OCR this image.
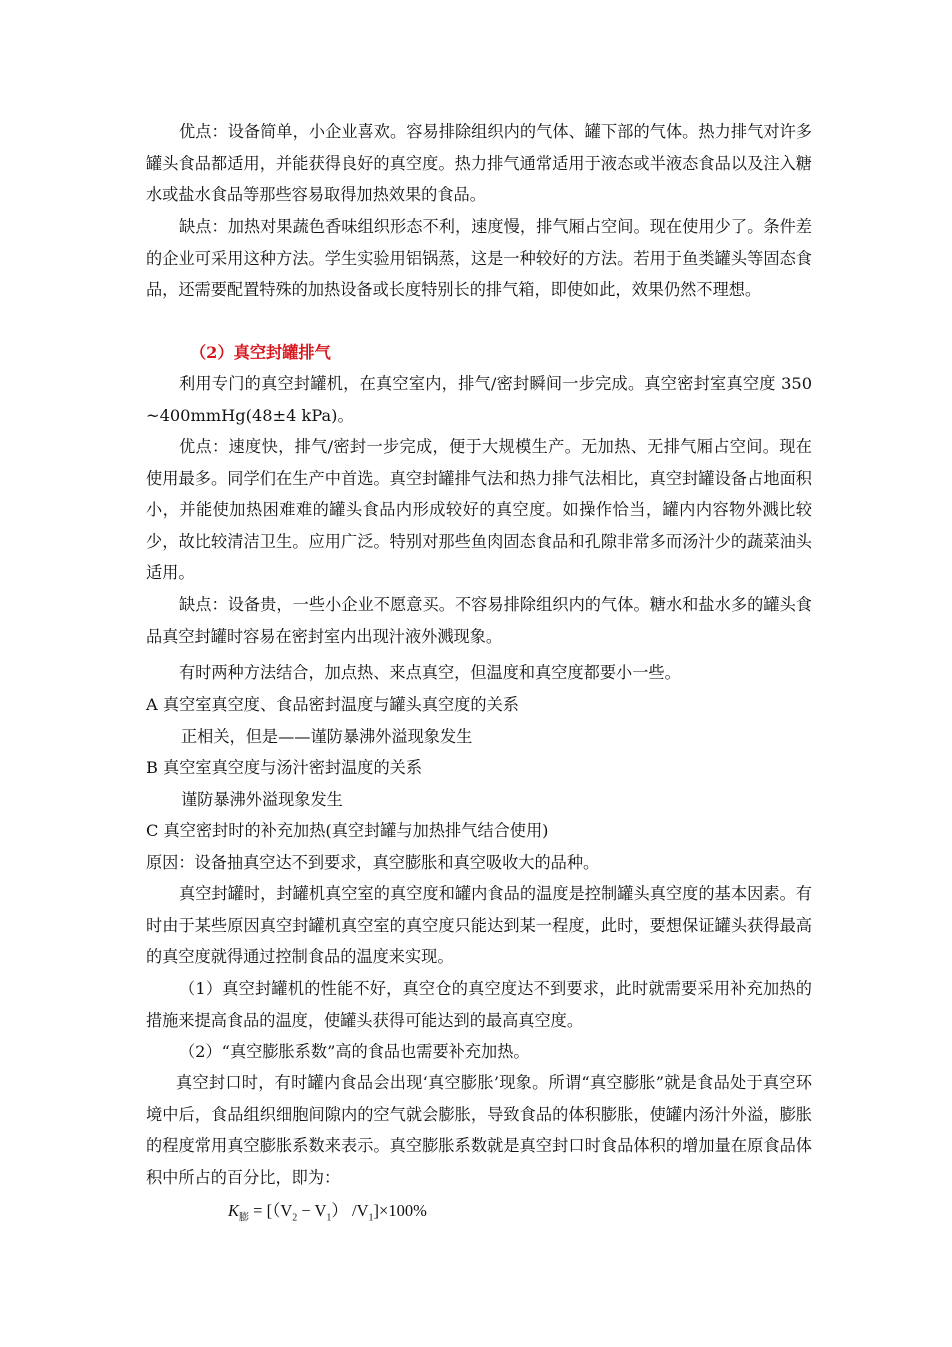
优点：设备简单，小企业喜欢。容易排除组织内的气体、罐下部的气体。热力排气对许多罐头食品都适用，并能获得良好的真空度。热力排气通常适用于液态或半液态食品以及注入糖水或盐水食品等那些容易取得加热效果的食品。

缺点：加热对果蔬色香味组织形态不利，速度慢，排气厢占空间。现在使用少了。条件差的企业可采用这种方法。学生实验用铝锅蒸，这是一种较好的方法。若用于鱼类罐头等固态食品，还需要配置特殊的加热设备或长度特别长的排气箱，即使如此，效果仍然不理想。

（2）真空封罐排气

利用专门的真空封罐机，在真空室内，排气/密封瞬间一步完成。真空密封室真空度 350~400mmHg(48±4 kPa)。

优点：速度快，排气/密封一步完成，便于大规模生产。无加热、无排气厢占空间。现在使用最多。同学们在生产中首选。真空封罐排气法和热力排气法相比，真空封罐设备占地面积小，并能使加热困难难的罐头食品内形成较好的真空度。如操作恰当，罐内内容物外溅比较少，故比较清洁卫生。应用广泛。特别对那些鱼肉固态食品和孔隙非常多而汤汁少的蔬菜油头适用。

缺点：设备贵，一些小企业不愿意买。不容易排除组织内的气体。糖水和盐水多的罐头食品真空封罐时容易在密封室内出现汁液外溅现象。

有时两种方法结合，加点热、来点真空，但温度和真空度都要小一些。

A 真空室真空度、食品密封温度与罐头真空度的关系

正相关，但是——谨防暴沸外溢现象发生

B 真空室真空度与汤汁密封温度的关系

谨防暴沸外溢现象发生

C 真空密封时的补充加热(真空封罐与加热排气结合使用)

原因：设备抽真空达不到要求，真空膨胀和真空吸收大的品种。

真空封罐时，封罐机真空室的真空度和罐内食品的温度是控制罐头真空度的基本因素。有时由于某些原因真空封罐机真空室的真空度只能达到某一程度，此时，要想保证罐头获得最高的真空度就得通过控制食品的温度来实现。

（1）真空封罐机的性能不好，真空仓的真空度达不到要求，此时就需要采用补充加热的措施来提高食品的温度，使罐头获得可能达到的最高真空度。

（2）“真空膨胀系数”高的食品也需要补充加热。

真空封口时，有时罐内食品会出现‘真空膨胀’现象。所谓“真空膨胀”就是食品处于真空环境中后，食品组织细胞间隙内的空气就会膨胀，导致食品的体积膨胀，使罐内汤汁外溢，膨胀的程度常用真空膨胀系数来表示。真空膨胀系数就是真空封口时食品体积的增加量在原食品体积中所占的百分比，即为：

$K_膨 = [(V_2 - V_1)$ $/V_1]\times 100\%$
